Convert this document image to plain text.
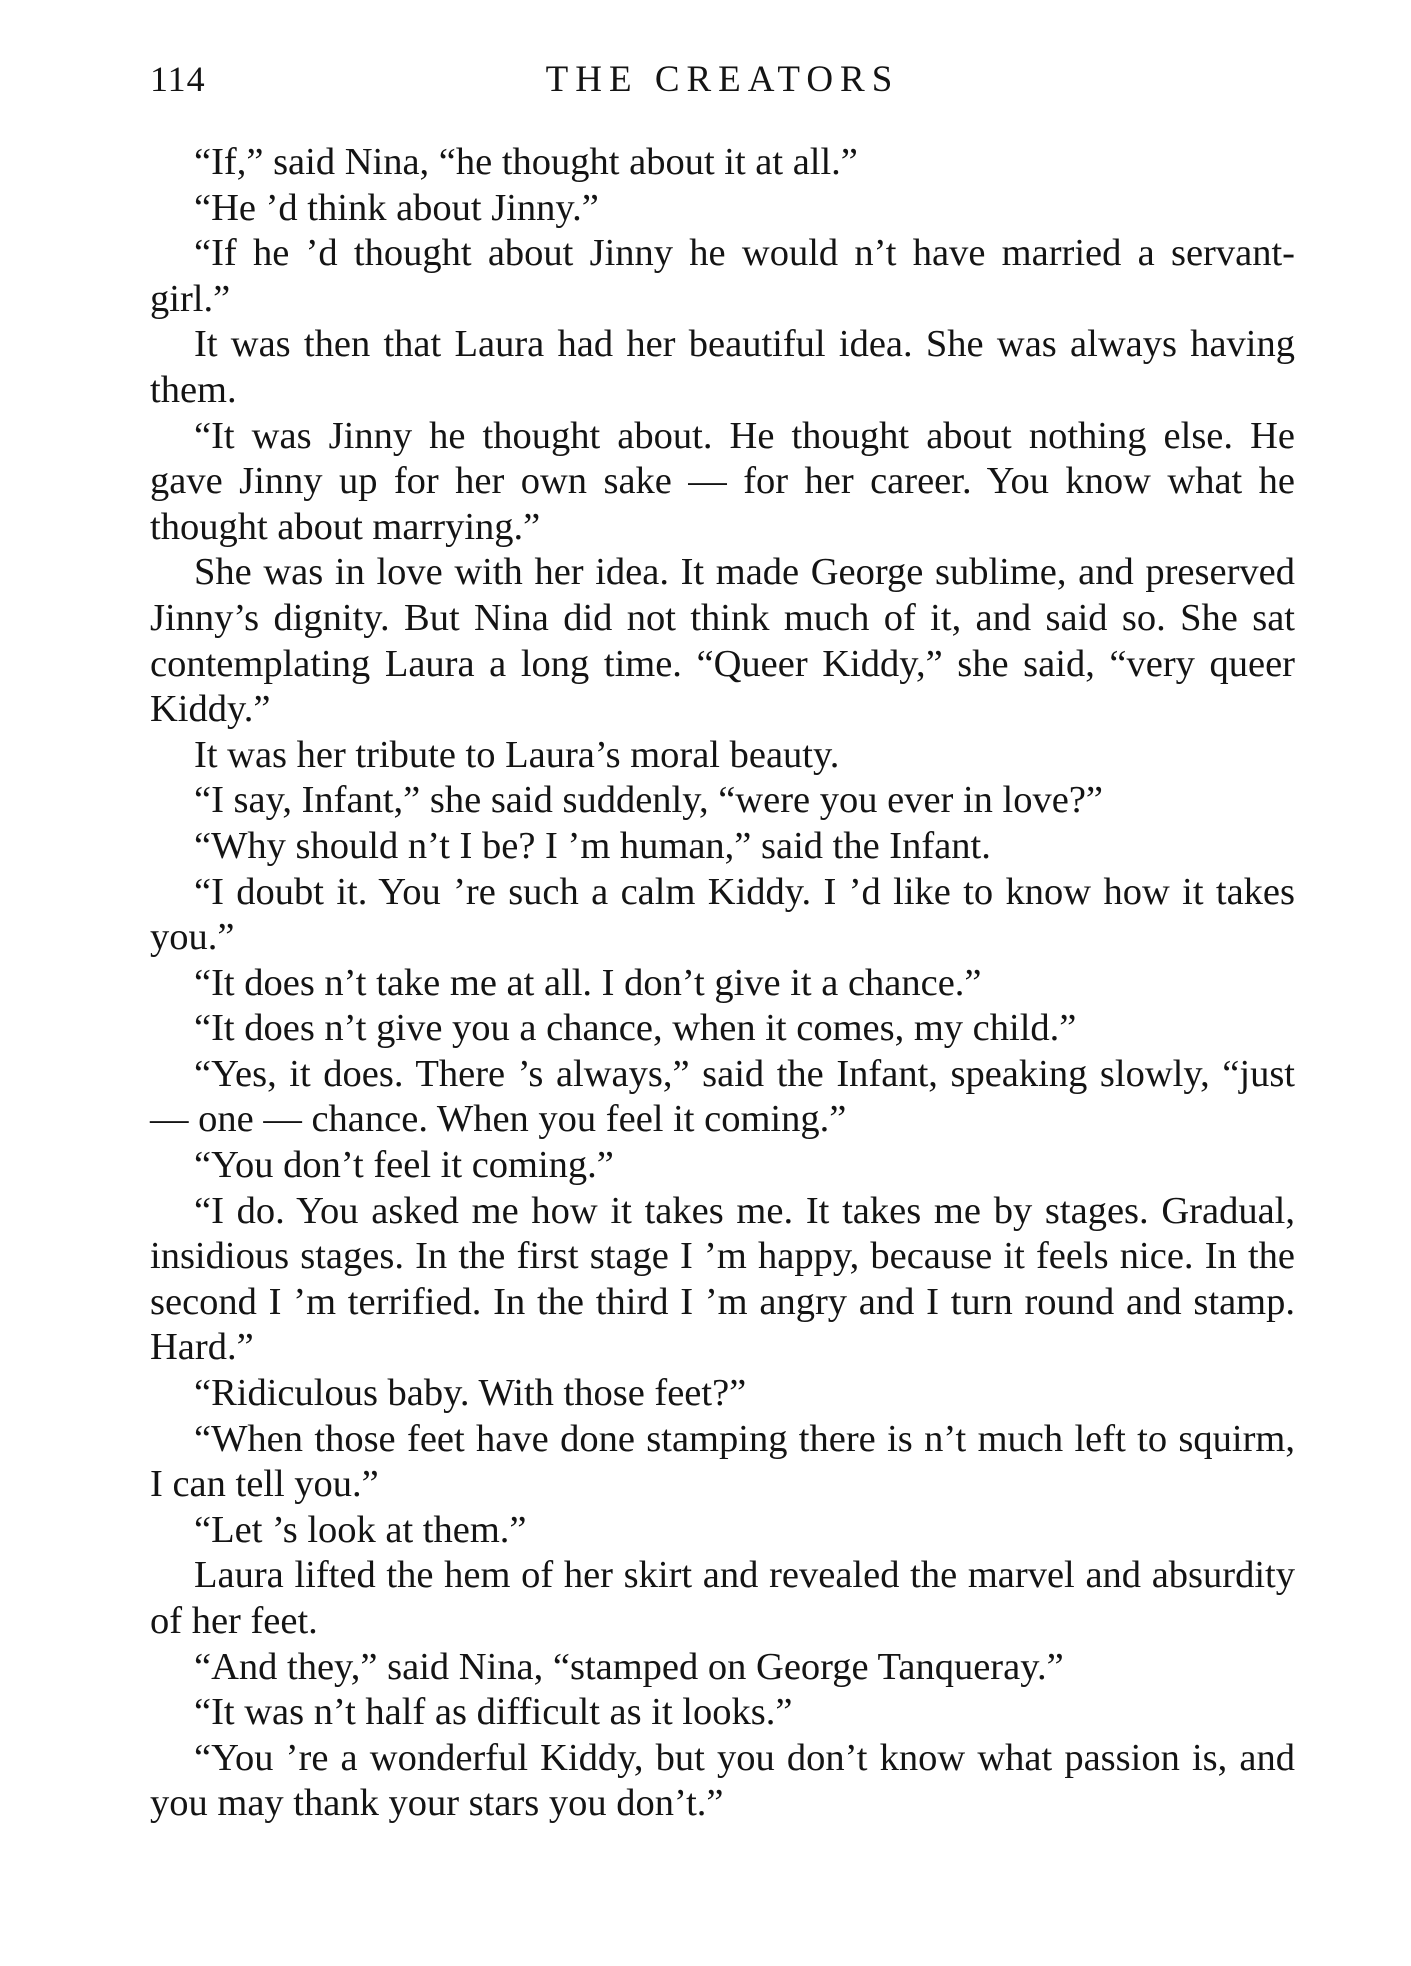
114	THE CREATORS

“If,” said Nina, “he thought about it at all.”

“He ’d think about Jinny.”

“If he ’d thought about Jinny he would n’t have married a servant-girl.”

It was then that Laura had her beautiful idea. She was always having them.

“It was Jinny he thought about. He thought about nothing else. He gave Jinny up for her own sake — for her career. You know what he thought about marrying.”

She was in love with her idea. It made George sublime, and preserved Jinny’s dignity. But Nina did not think much of it, and said so. She sat contemplating Laura a long time. “Queer Kiddy,” she said, “very queer Kiddy.”

It was her tribute to Laura’s moral beauty.

“I say, Infant,” she said suddenly, “were you ever in love?”

“Why should n’t I be? I ’m human,” said the Infant.

“I doubt it. You ’re such a calm Kiddy. I ’d like to know how it takes you.”

“It does n’t take me at all. I don’t give it a chance.”

“It does n’t give you a chance, when it comes, my child.”

“Yes, it does. There ’s always,” said the Infant, speaking slowly, “just — one — chance. When you feel it coming.”

“You don’t feel it coming.”

“I do. You asked me how it takes me. It takes me by stages. Gradual, insidious stages. In the first stage I ’m happy, because it feels nice. In the second I ’m terrified. In the third I ’m angry and I turn round and stamp. Hard.”

“Ridiculous baby. With those feet?”

“When those feet have done stamping there is n’t much left to squirm, I can tell you.”

“Let ’s look at them.”

Laura lifted the hem of her skirt and revealed the marvel and absurdity of her feet.

“And they,” said Nina, “stamped on George Tanqueray.”

“It was n’t half as difficult as it looks.”

“You ’re a wonderful Kiddy, but you don’t know what passion is, and you may thank your stars you don’t.”
